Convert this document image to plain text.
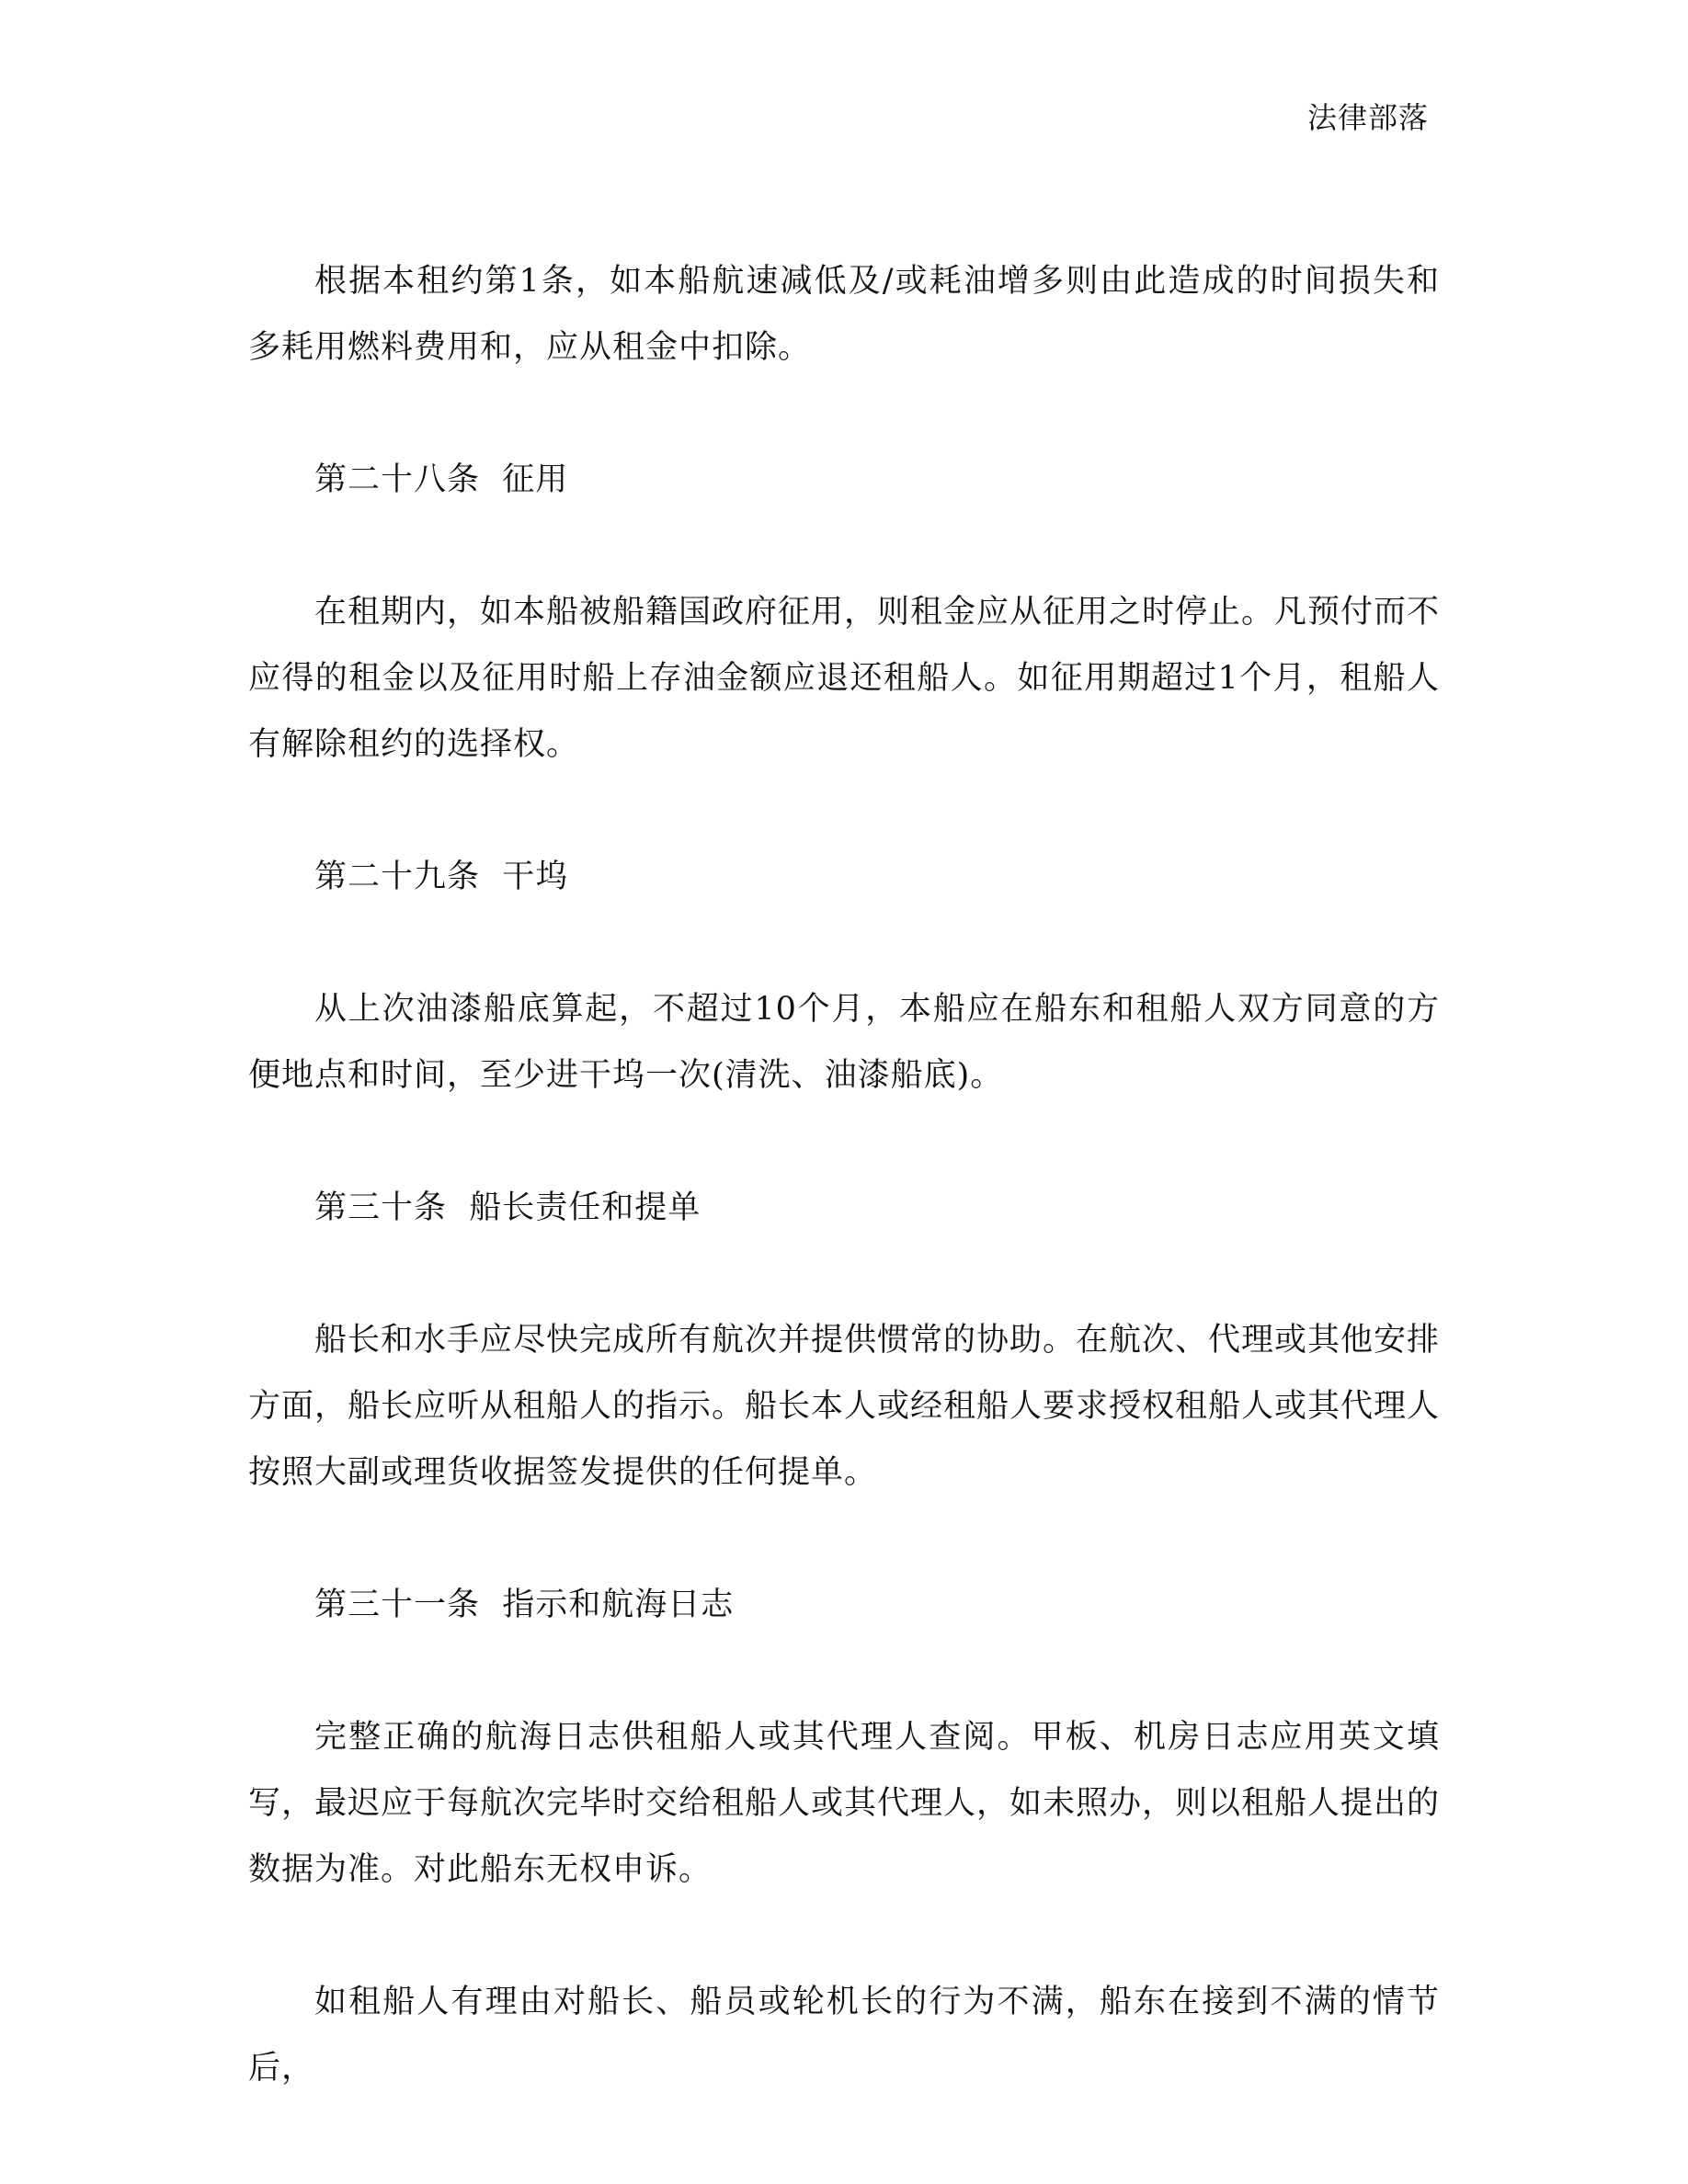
法律部落

根据本租约第1条，如本船航速减低及/或耗油增多则由此造成的时间损失和多耗用燃料费用和，应从租金中扣除。

第二十八条  征用

在租期内，如本船被船籍国政府征用，则租金应从征用之时停止。凡预付而不应得的租金以及征用时船上存油金额应退还租船人。如征用期超过1个月，租船人有解除租约的选择权。

第二十九条  干坞

从上次油漆船底算起，不超过10个月，本船应在船东和租船人双方同意的方便地点和时间，至少进干坞一次(清洗、油漆船底)。

第三十条  船长责任和提单

船长和水手应尽快完成所有航次并提供惯常的协助。在航次、代理或其他安排方面，船长应听从租船人的指示。船长本人或经租船人要求授权租船人或其代理人按照大副或理货收据签发提供的任何提单。

第三十一条  指示和航海日志

完整正确的航海日志供租船人或其代理人查阅。甲板、机房日志应用英文填写，最迟应于每航次完毕时交给租船人或其代理人，如未照办，则以租船人提出的数据为准。对此船东无权申诉。

如租船人有理由对船长、船员或轮机长的行为不满，船东在接到不满的情节后，
